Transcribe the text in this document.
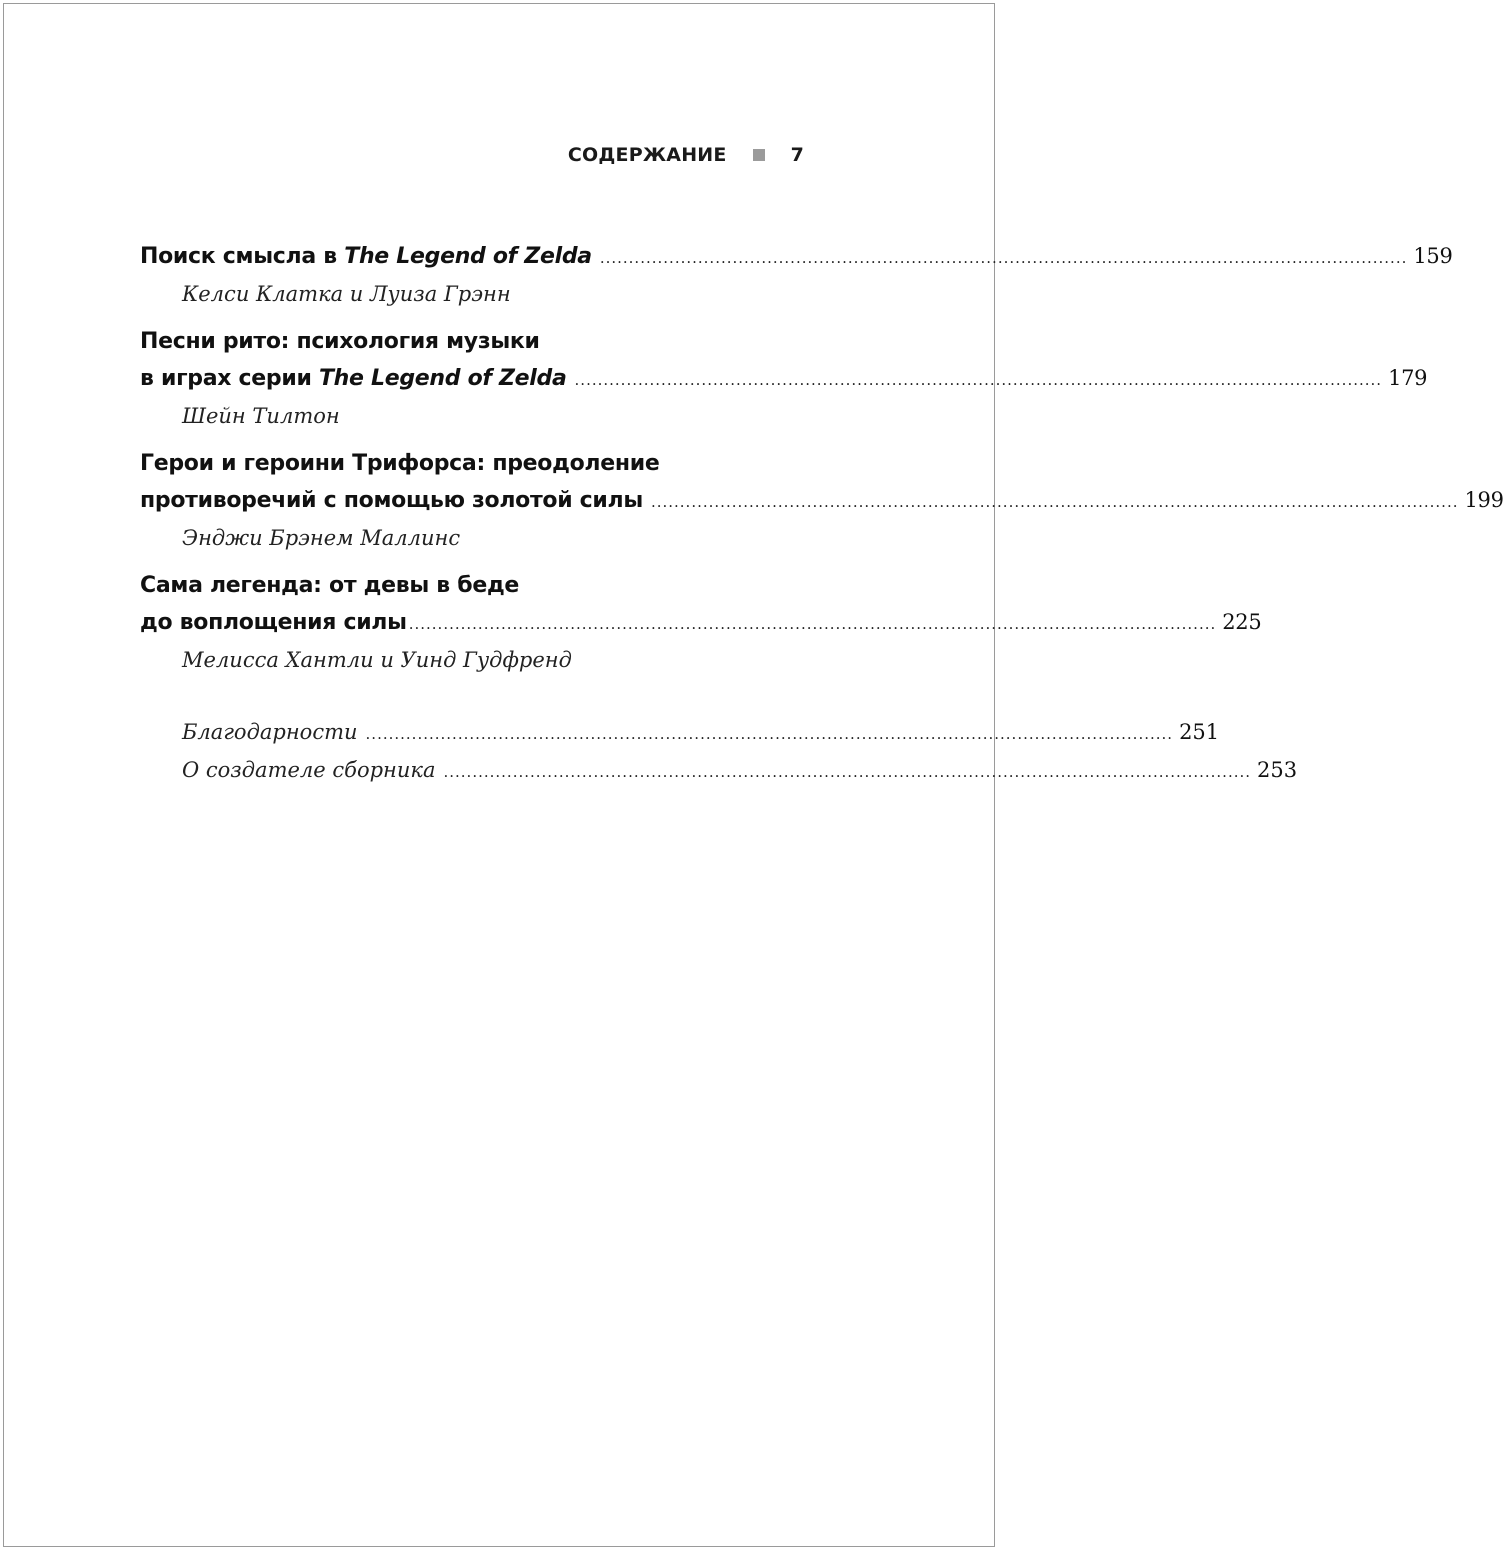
СОДЕРЖАНИЕ	7
Поиск смысла в The Legend of Zelda ............................................................................................................................................ 159
Келси Клатка и Луиза Грэнн
Песни рито: психология музыки
в играх серии The Legend of Zelda ............................................................................................................................................ 179
Шейн Тилтон
Герои и героини Трифорса: преодоление
противоречий с помощью золотой силы ............................................................................................................................................ 199
Энджи Брэнем Маллинс
Сама легенда: от девы в беде
до воплощения силы ............................................................................................................................................ 225
Мелисса Хантли и Уинд Гудфренд
Благодарности ............................................................................................................................................ 251
О создателе сборника ............................................................................................................................................ 253
